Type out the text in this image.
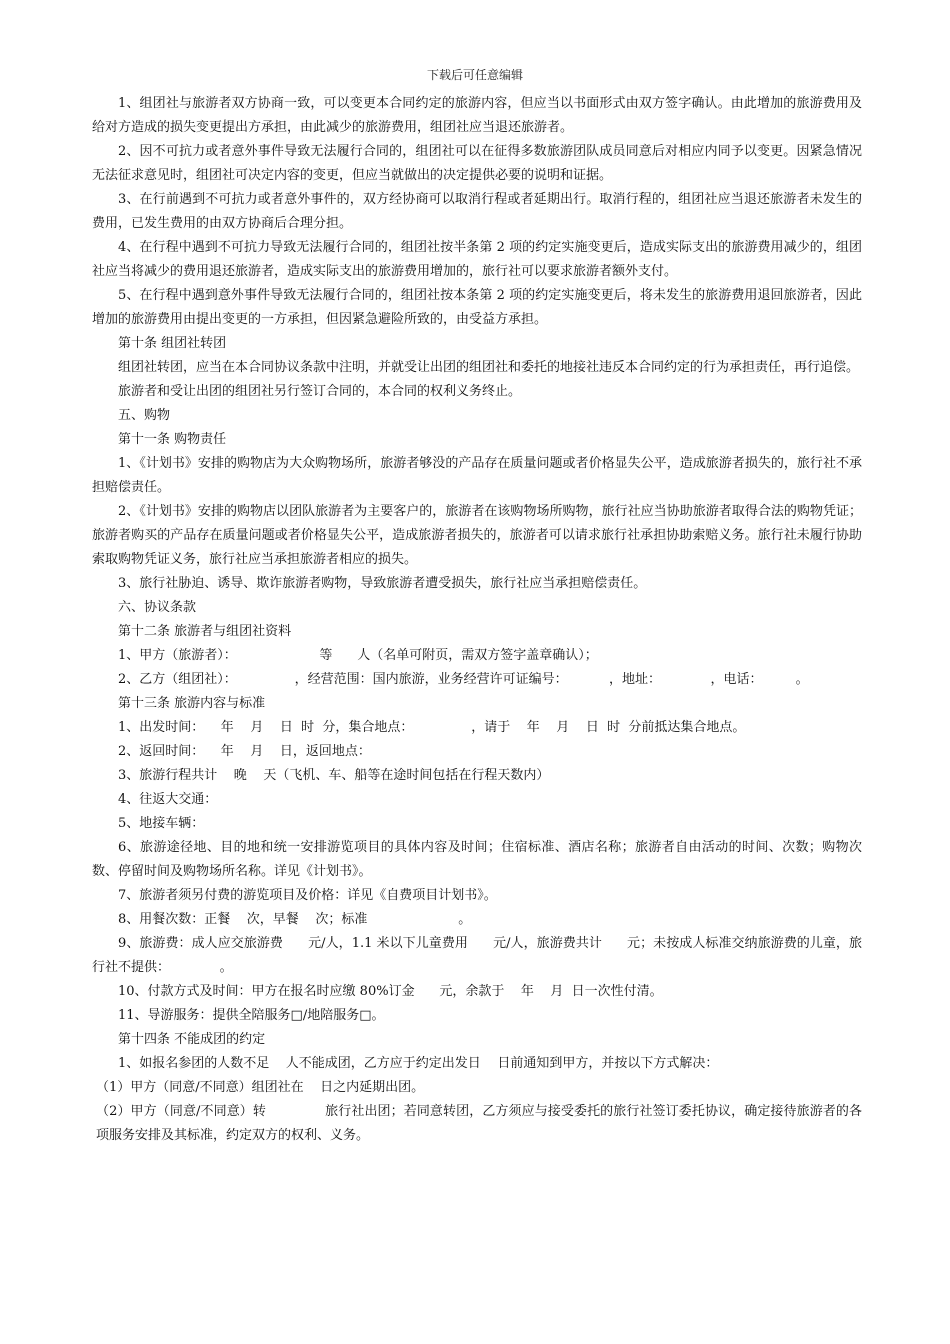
下载后可任意编辑

1、组团社与旅游者双方协商一致，可以变更本合同约定的旅游内容，但应当以书面形式由双方签字确认。由此增加的旅游费用及给对方造成的损失变更提出方承担，由此减少的旅游费用，组团社应当退还旅游者。

2、因不可抗力或者意外事件导致无法履行合同的，组团社可以在征得多数旅游团队成员同意后对相应内同予以变更。因紧急情况无法征求意见时，组团社可决定内容的变更，但应当就做出的决定提供必要的说明和证据。

3、在行前遇到不可抗力或者意外事件的，双方经协商可以取消行程或者延期出行。取消行程的，组团社应当退还旅游者未发生的费用，已发生费用的由双方协商后合理分担。

4、在行程中遇到不可抗力导致无法履行合同的，组团社按半条第 2 项的约定实施变更后，造成实际支出的旅游费用减少的，组团社应当将减少的费用退还旅游者，造成实际支出的旅游费用增加的，旅行社可以要求旅游者额外支付。

5、在行程中遇到意外事件导致无法履行合同的，组团社按本条第 2 项的约定实施变更后，将未发生的旅游费用退回旅游者，因此增加的旅游费用由提出变更的一方承担，但因紧急避险所致的，由受益方承担。

第十条 组团社转团

组团社转团，应当在本合同协议条款中注明，并就受让出团的组团社和委托的地接社违反本合同约定的行为承担责任，再行追偿。

旅游者和受让出团的组团社另行签订合同的，本合同的权利义务终止。

五、购物

第十一条 购物责任

1、《计划书》安排的购物店为大众购物场所，旅游者够没的产品存在质量问题或者价格显失公平，造成旅游者损失的，旅行社不承担赔偿责任。

2、《计划书》安排的购物店以团队旅游者为主要客户的，旅游者在该购物场所购物，旅行社应当协助旅游者取得合法的购物凭证；旅游者购买的产品存在质量问题或者价格显失公平，造成旅游者损失的，旅游者可以请求旅行社承担协助索赔义务。旅行社未履行协助索取购物凭证义务，旅行社应当承担旅游者相应的损失。

3、旅行社胁迫、诱导、欺诈旅游者购物，导致旅游者遭受损失，旅行社应当承担赔偿责任。

六、协议条款

第十二条 旅游者与组团社资料

1、甲方（旅游者）：                    等      人（名单可附页，需双方签字盖章确认）；

2、乙方（组团社）：              ，经营范围：国内旅游，业务经营许可证编号：          ，地址：            ，电话：        。

第十三条 旅游内容与标准

1、出发时间：    年    月    日  时  分，集合地点：              ，请于    年    月    日  时  分前抵达集合地点。

2、返回时间：    年    月    日，返回地点：

3、旅游行程共计    晚    天（飞机、车、船等在途时间包括在行程天数内）

4、往返大交通：

5、地接车辆：

6、旅游途径地、目的地和统一安排游览项目的具体内容及时间；住宿标准、酒店名称；旅游者自由活动的时间、次数；购物次数、停留时间及购物场所名称。详见《计划书》。

7、旅游者须另付费的游览项目及价格：详见《自费项目计划书》。

8、用餐次数：正餐    次，早餐    次；标准                      。

9、旅游费：成人应交旅游费      元/人，1.1 米以下儿童费用      元/人，旅游费共计      元；未按成人标准交纳旅游费的儿童，旅行社不提供：            。

10、付款方式及时间：甲方在报名时应缴 80%订金      元，余款于    年    月  日一次性付清。

11、导游服务：提供全陪服务□/地陪服务□。

第十四条 不能成团的约定

1、如报名参团的人数不足    人不能成团，乙方应于约定出发日    日前通知到甲方，并按以下方式解决：

（1）甲方（同意/不同意）组团社在    日之内延期出团。

（2）甲方（同意/不同意）转              旅行社出团；若同意转团，乙方须应与接受委托的旅行社签订委托协议，确定接待旅游者的各项服务安排及其标准，约定双方的权利、义务。
